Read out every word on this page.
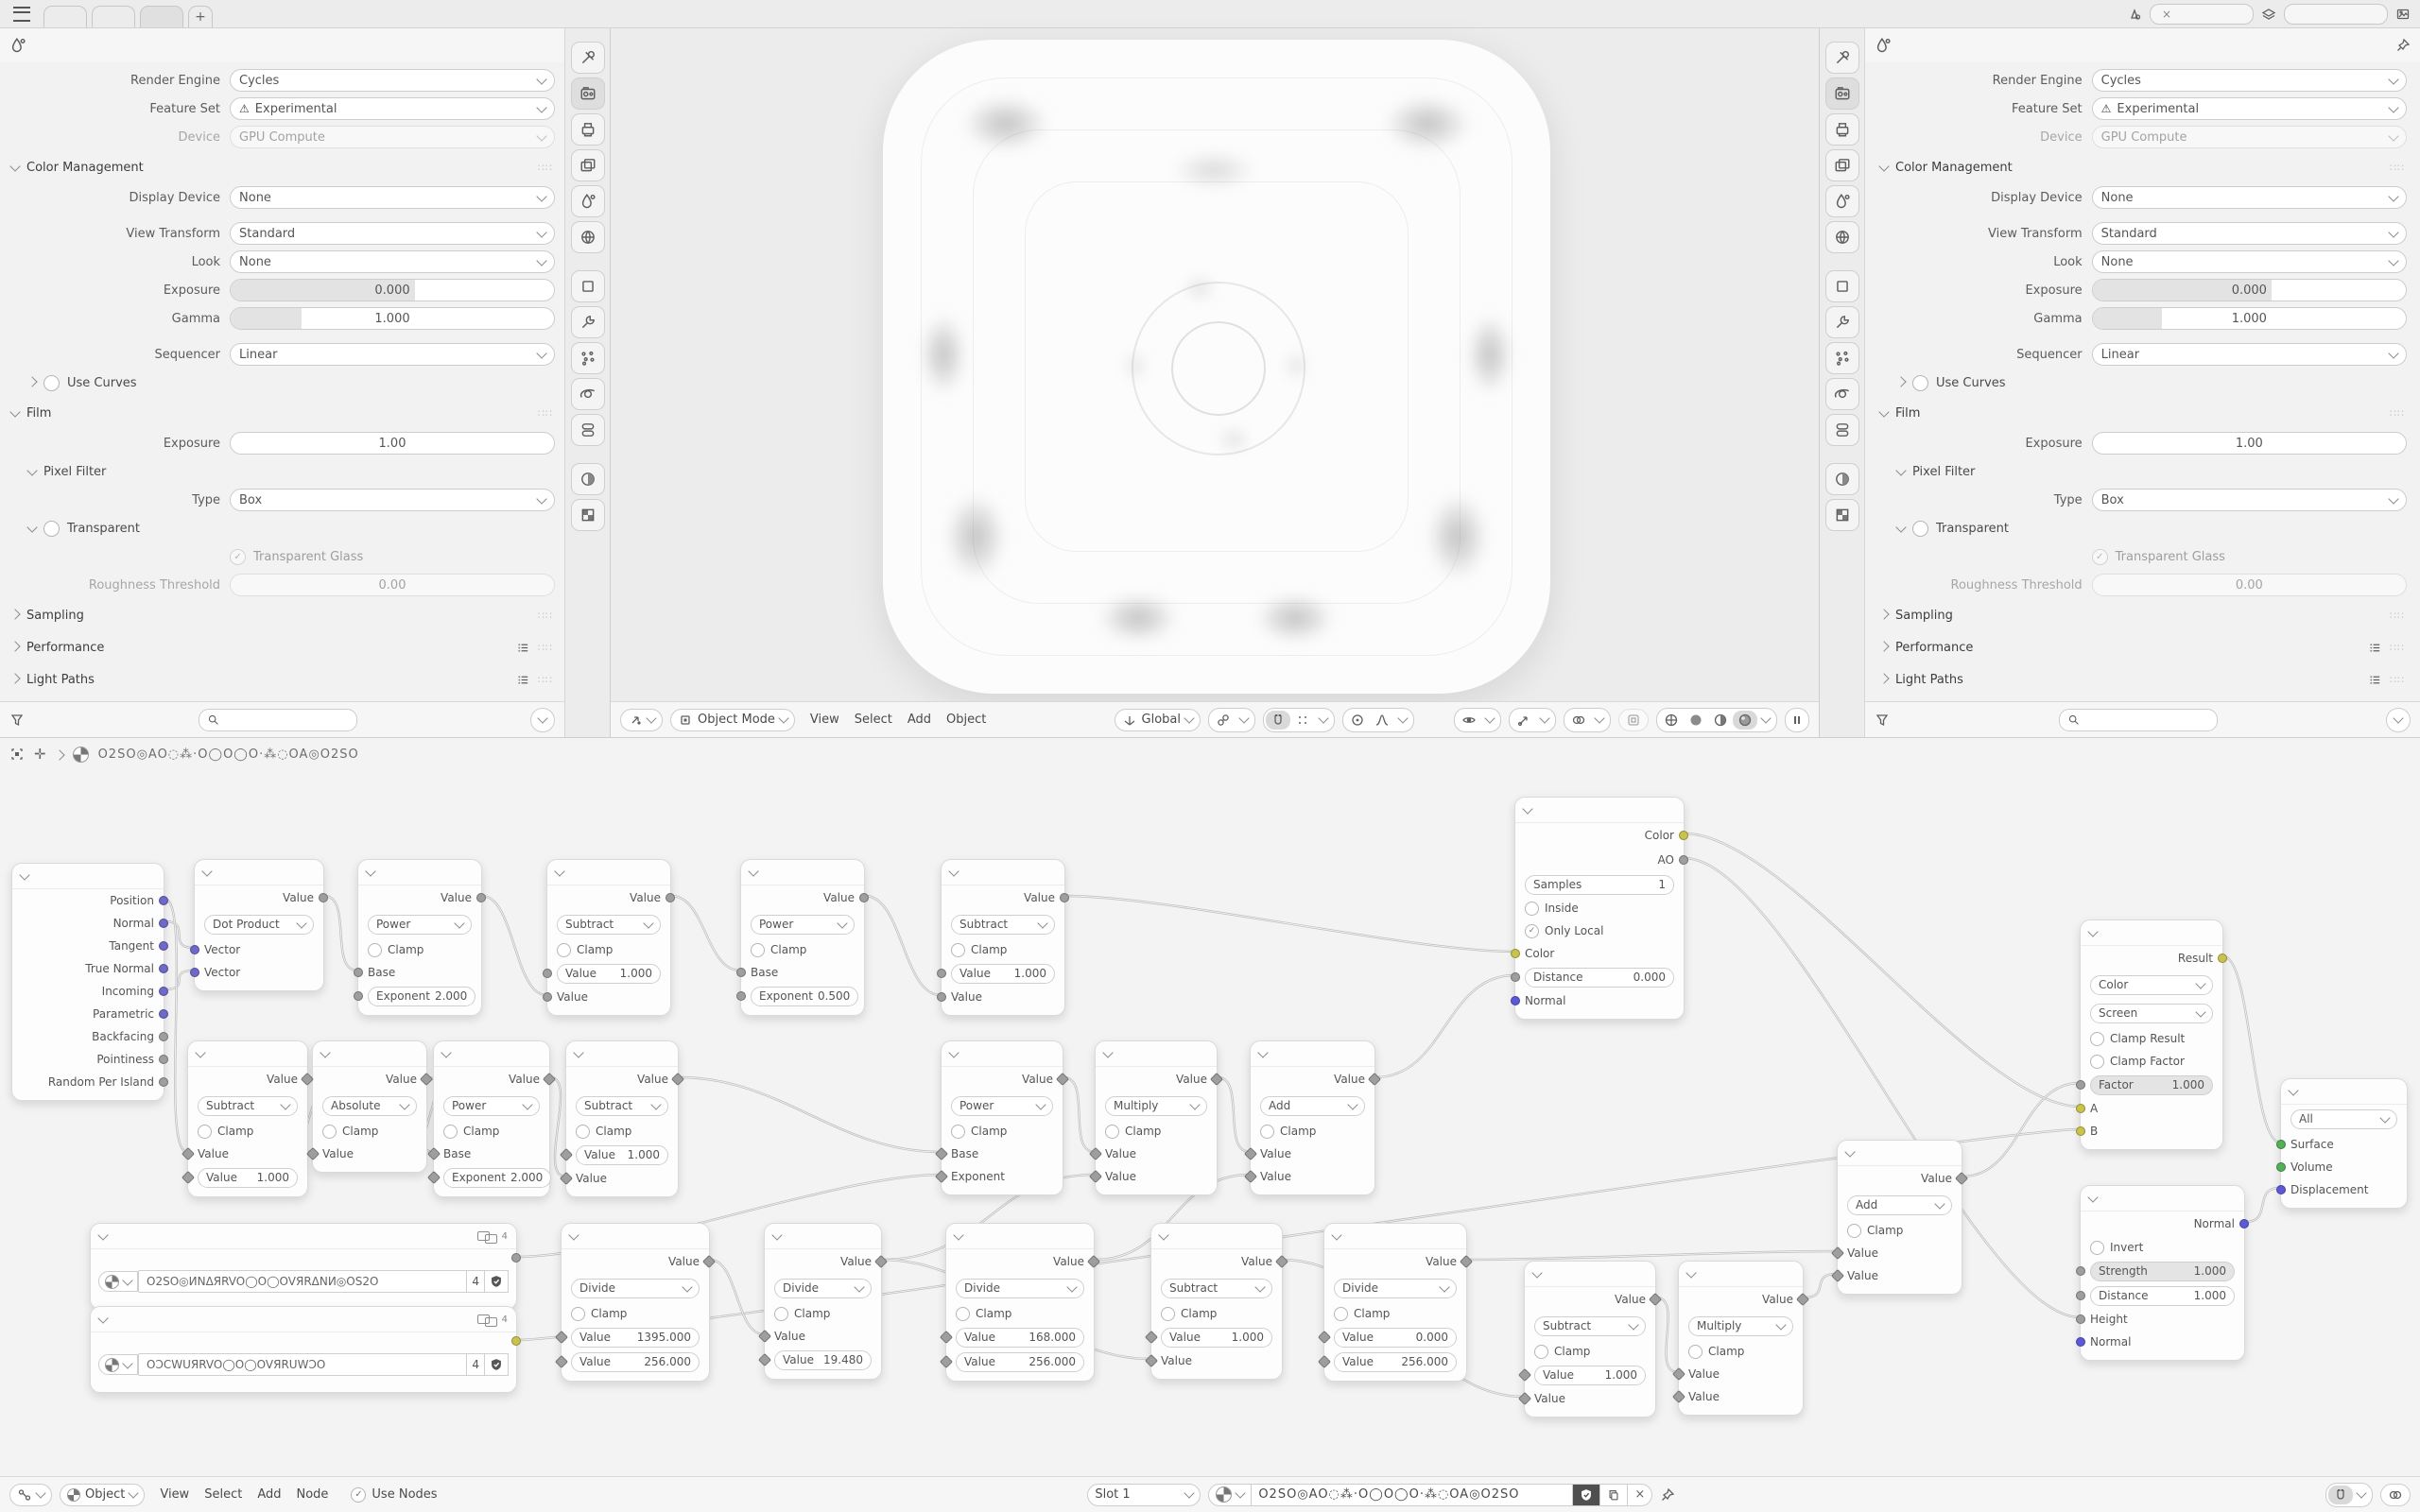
+	×
Render Engine	Cycles
Feature Set	⚠ Experimental
Device	GPU Compute
Color Management	∷∷
Display Device	None
View Transform	Standard
Look	None
Exposure	0.000
Gamma	1.000
Sequencer	Linear
Use Curves
Film	∷∷
Exposure	1.00
Pixel Filter
Type	Box
Transparent
✓ Transparent Glass
Roughness Threshold	0.00
Sampling	∷∷
Performance	∷∷
Light Paths	∷∷
Object Mode	View	Select	Add	Object	Global
Render Engine	Cycles
Feature Set	⚠ Experimental
Device	GPU Compute
Color Management	∷∷
Display Device	None
View Transform	Standard
Look	None
Exposure	0.000
Gamma	1.000
Sequencer	Linear
Use Curves
Film	∷∷
Exposure	1.00
Pixel Filter
Type	Box
Transparent
✓ Transparent Glass
Roughness Threshold	0.00
Sampling	∷∷
Performance	∷∷
Light Paths	∷∷
✛	O2SO◎AO◌⁂·O◯O◯O·⁂◌OA◎O2SO
Position
Normal
Tangent
True Normal
Incoming
Parametric
Backfacing
Pointiness
Random Per Island
Value
Dot Product
Vector
Vector
Value
Power
Clamp
Base
Exponent 2.000
Value
Subtract
Clamp
Value 1.000
Value
Value
Power
Clamp
Base
Exponent 0.500
Value
Subtract
Clamp
Value 1.000
Value
Value
Subtract
Clamp
Value
Value 1.000
Value
Absolute
Clamp
Value
Value
Power
Clamp
Base
Exponent 2.000
Value
Subtract
Clamp
Value 1.000
Value
Value
Power
Clamp
Base
Exponent
Value
Multiply
Clamp
Value
Value
Value
Add
Clamp
Value
Value
4
O2SO◎ИNΔЯRVO◯O◯OVЯRΔNИ◎OS2O	4
4
OƆCWUЯRVO◯O◯OVЯRUWƆO	4
Value
Divide
Clamp
Value 1395.000
Value	256.000
Value
Divide
Clamp
Value
Value 19.480
Value
Divide
Clamp
Value	168.000
Value	256.000
Value
Subtract
Clamp
Value	1.000
Value
Value
Divide
Clamp
Value	0.000
Value 256.000
Value
Subtract
Clamp
Value	1.000
Value
Value
Multiply
Clamp
Value
Value
Value
Add
Clamp
Value
Value
Color
AO
Samples	1
Inside
✓ Only Local
Color
Distance	0.000
Normal
Result
Color
Screen
Clamp Result
Clamp Factor
Factor	1.000
A
B
Normal
Invert
Strength	1.000
Distance	1.000
Height
Normal
All
Surface
Volume
Displacement
Object	View	Select	Add	Node	✓ Use Nodes	Slot 1	O2SO◎AO◌⁂·O◯O◯O·⁂◌OA◎O2SO	×
